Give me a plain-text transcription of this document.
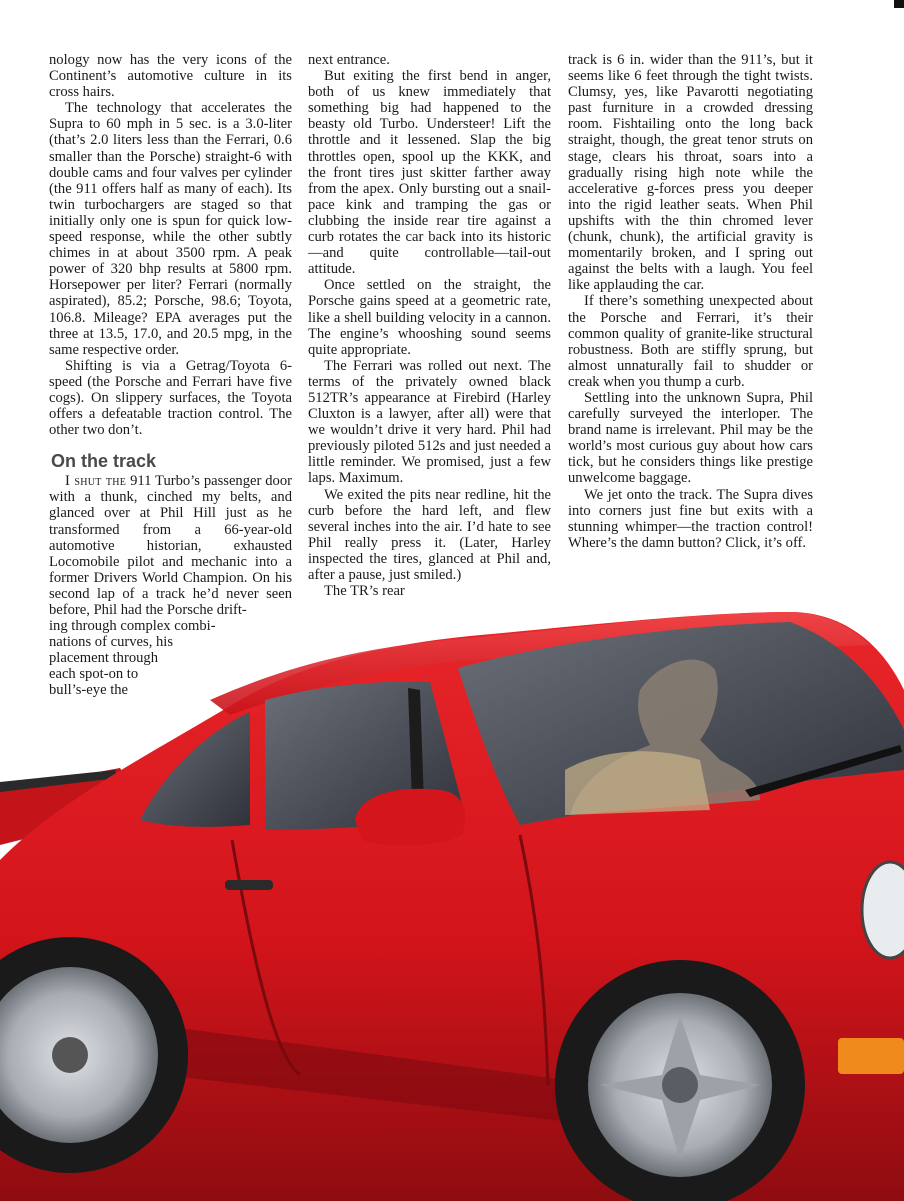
nology now has the very icons of the Continent’s automotive culture in its cross hairs.

The technology that accelerates the Supra to 60 mph in 5 sec. is a 3.0-liter (that’s 2.0 liters less than the Ferrari, 0.6 smaller than the Porsche) straight-6 with double cams and four valves per cylinder (the 911 offers half as many of each). Its twin turbochargers are staged so that initially only one is spun for quick low-speed response, while the other subtly chimes in at about 3500 rpm. A peak power of 320 bhp results at 5800 rpm. Horsepower per liter? Ferrari (normally aspirated), 85.2; Porsche, 98.6; Toyota, 106.8. Mileage? EPA averages put the three at 13.5, 17.0, and 20.5 mpg, in the same respective order.

Shifting is via a Getrag/Toyota 6-speed (the Porsche and Ferrari have five cogs). On slippery surfaces, the Toyota offers a defeatable traction control. The other two don’t.

On the track

I shut the 911 Turbo’s passenger door with a thunk, cinched my belts, and glanced over at Phil Hill just as he transformed from a 66-year-old automotive historian, exhausted Locomobile pilot and mechanic into a former Drivers World Champion. On his second lap of a track he’d never seen before, Phil had the Porsche drift-

ing through complex combi-

nations of curves, his

placement through each spot-on to bull’s-eye the

next entrance.

But exiting the first bend in anger, both of us knew immediately that something big had happened to the beasty old Turbo. Understeer! Lift the throttle and it lessened. Slap the big throttles open, spool up the KKK, and the front tires just skitter farther away from the apex. Only bursting out a snail-pace kink and tramping the gas or clubbing the inside rear tire against a curb rotates the car back into its historic—and quite controllable—tail-out attitude.

Once settled on the straight, the Porsche gains speed at a geometric rate, like a shell building velocity in a cannon. The engine’s whooshing sound seems quite appropriate.

The Ferrari was rolled out next. The terms of the privately owned black 512TR’s appearance at Firebird (Harley Cluxton is a lawyer, after all) were that we wouldn’t drive it very hard. Phil had previously piloted 512s and just needed a little reminder. We promised, just a few laps. Maximum.

We exited the pits near redline, hit the curb before the hard left, and flew several inches into the air. I’d hate to see Phil really press it. (Later, Harley inspected the tires, glanced at Phil and, after a pause, just smiled.)

The TR’s rear

track is 6 in. wider than the 911’s, but it seems like 6 feet through the tight twists. Clumsy, yes, like Pavarotti negotiating past furniture in a crowded dressing room. Fishtailing onto the long back straight, though, the great tenor struts on stage, clears his throat, soars into a gradually rising high note while the accelerative g-forces press you deeper into the rigid leather seats. When Phil upshifts with the thin chromed lever (chunk, chunk), the artificial gravity is momentarily broken, and I spring out against the belts with a laugh. You feel like applauding the car.

If there’s something unexpected about the Porsche and Ferrari, it’s their common quality of granite-like structural robustness. Both are stiffly sprung, but almost unnaturally fail to shudder or creak when you thump a curb.

Settling into the unknown Supra, Phil carefully surveyed the interloper. The brand name is irrelevant. Phil may be the world’s most curious guy about how cars tick, but he considers things like prestige unwelcome baggage.

We jet onto the track. The Supra dives into corners just fine but exits with a stunning whimper—the traction control! Where’s the damn button? Click, it’s off.
